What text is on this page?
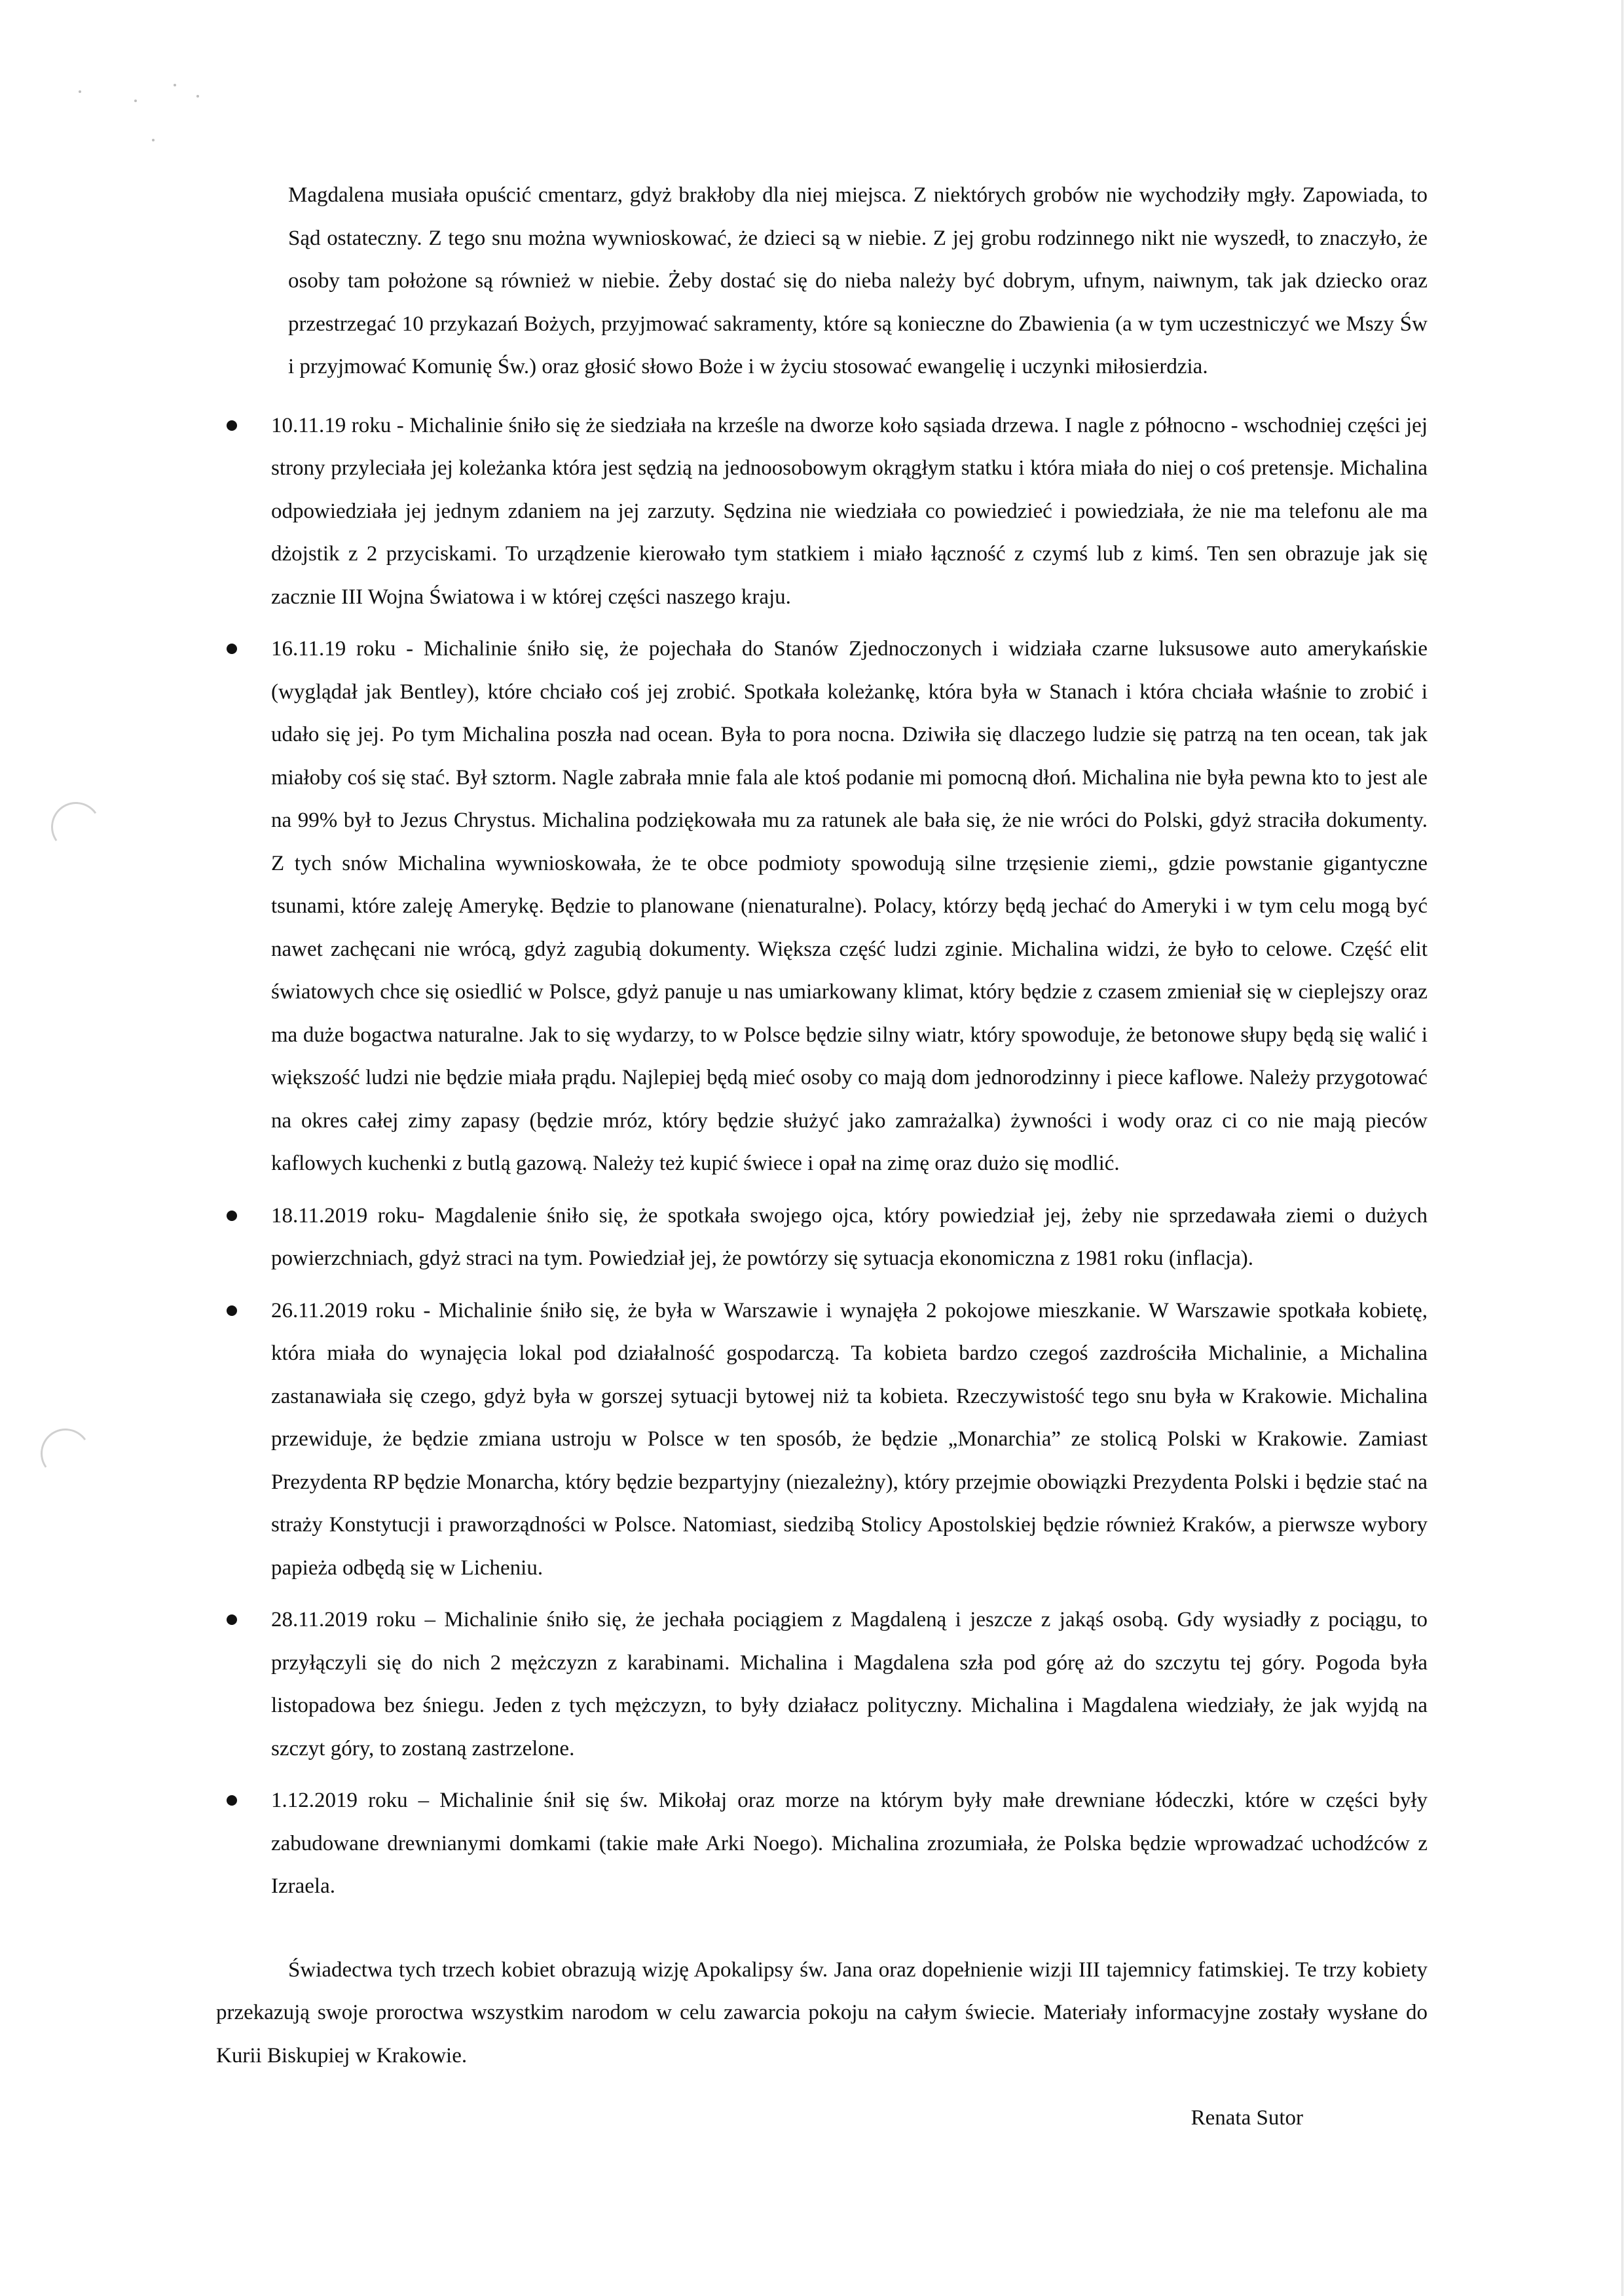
Magdalena musiała opuścić cmentarz, gdyż brakłoby dla niej miejsca. Z niektórych grobów nie wychodziły mgły. Zapowiada, to Sąd ostateczny. Z tego snu można wywnioskować, że dzieci są w niebie. Z jej grobu rodzinnego nikt nie wyszedł, to znaczyło, że osoby tam położone są również w niebie. Żeby dostać się do nieba należy być dobrym, ufnym, naiwnym, tak jak dziecko oraz przestrzegać 10 przykazań Bożych, przyjmować sakramenty, które są konieczne do Zbawienia (a w tym uczestniczyć we Mszy Św i przyjmować Komunię Św.) oraz głosić słowo Boże i w życiu stosować ewangelię i uczynki miłosierdzia.

10.11.19 roku - Michalinie śniło się że siedziała na krześle na dworze koło sąsiada drzewa. I nagle z północno - wschodniej części jej strony przyleciała jej koleżanka która jest sędzią na jednoosobowym okrągłym statku i która miała do niej o coś pretensje. Michalina odpowiedziała jej jednym zdaniem na jej zarzuty. Sędzina nie wiedziała co powiedzieć i powiedziała, że nie ma telefonu ale ma dżojstik z 2 przyciskami. To urządzenie kierowało tym statkiem i miało łączność z czymś lub z kimś. Ten sen obrazuje jak się zacznie III Wojna Światowa i w której części naszego kraju.
16.11.19 roku - Michalinie śniło się, że pojechała do Stanów Zjednoczonych i widziała czarne luksusowe auto amerykańskie (wyglądał jak Bentley), które chciało coś jej zrobić. Spotkała koleżankę, która była w Stanach i która chciała właśnie to zrobić i udało się jej. Po tym Michalina poszła nad ocean. Była to pora nocna. Dziwiła się dlaczego ludzie się patrzą na ten ocean, tak jak miałoby coś się stać. Był sztorm. Nagle zabrała mnie fala ale ktoś podanie mi pomocną dłoń. Michalina nie była pewna kto to jest ale na 99% był to Jezus Chrystus. Michalina podziękowała mu za ratunek ale bała się, że nie wróci do Polski, gdyż straciła dokumenty. Z tych snów Michalina wywnioskowała, że te obce podmioty spowodują silne trzęsienie ziemi,, gdzie powstanie gigantyczne tsunami, które zaleję Amerykę. Będzie to planowane (nienaturalne). Polacy, którzy będą jechać do Ameryki i w tym celu mogą być nawet zachęcani nie wrócą, gdyż zagubią dokumenty. Większa część ludzi zginie. Michalina widzi, że było to celowe. Część elit światowych chce się osiedlić w Polsce, gdyż panuje u nas umiarkowany klimat, który będzie z czasem zmieniał się w cieplejszy oraz ma duże bogactwa naturalne. Jak to się wydarzy, to w Polsce będzie silny wiatr, który spowoduje, że betonowe słupy będą się walić i większość ludzi nie będzie miała prądu. Najlepiej będą mieć osoby co mają dom jednorodzinny i piece kaflowe. Należy przygotować na okres całej zimy zapasy (będzie mróz, który będzie służyć jako zamrażalka) żywności i wody oraz ci co nie mają pieców kaflowych kuchenki z butlą gazową. Należy też kupić świece i opał na zimę oraz dużo się modlić.
18.11.2019 roku- Magdalenie śniło się, że spotkała swojego ojca, który powiedział jej, żeby nie sprzedawała ziemi o dużych powierzchniach, gdyż straci na tym. Powiedział jej, że powtórzy się sytuacja ekonomiczna z 1981 roku (inflacja).
26.11.2019 roku - Michalinie śniło się, że była w Warszawie i wynajęła 2 pokojowe mieszkanie. W Warszawie spotkała kobietę, która miała do wynajęcia lokal pod działalność gospodarczą. Ta kobieta bardzo czegoś zazdrościła Michalinie, a Michalina zastanawiała się czego, gdyż była w gorszej sytuacji bytowej niż ta kobieta. Rzeczywistość tego snu była w Krakowie. Michalina przewiduje, że będzie zmiana ustroju w Polsce w ten sposób, że będzie „Monarchia” ze stolicą Polski w Krakowie. Zamiast Prezydenta RP będzie Monarcha, który będzie bezpartyjny (niezależny), który przejmie obowiązki Prezydenta Polski i będzie stać na straży Konstytucji i praworządności w Polsce. Natomiast, siedzibą Stolicy Apostolskiej będzie również Kraków, a pierwsze wybory papieża odbędą się w Licheniu.
28.11.2019 roku – Michalinie śniło się, że jechała pociągiem z Magdaleną i jeszcze z jakąś osobą. Gdy wysiadły z pociągu, to przyłączyli się do nich 2 mężczyzn z karabinami. Michalina i Magdalena szła pod górę aż do szczytu tej góry. Pogoda była listopadowa bez śniegu. Jeden z tych mężczyzn, to były działacz polityczny. Michalina i Magdalena wiedziały, że jak wyjdą na szczyt góry, to zostaną zastrzelone.
1.12.2019 roku – Michalinie śnił się św. Mikołaj oraz morze na którym były małe drewniane łódeczki, które w części były zabudowane drewnianymi domkami (takie małe Arki Noego). Michalina zrozumiała, że Polska będzie wprowadzać uchodźców z Izraela.

Świadectwa tych trzech kobiet obrazują wizję Apokalipsy św. Jana oraz dopełnienie wizji III tajemnicy fatimskiej. Te trzy kobiety przekazują swoje proroctwa wszystkim narodom w celu zawarcia pokoju na całym świecie. Materiały informacyjne zostały wysłane do Kurii Biskupiej w Krakowie.

Renata Sutor
